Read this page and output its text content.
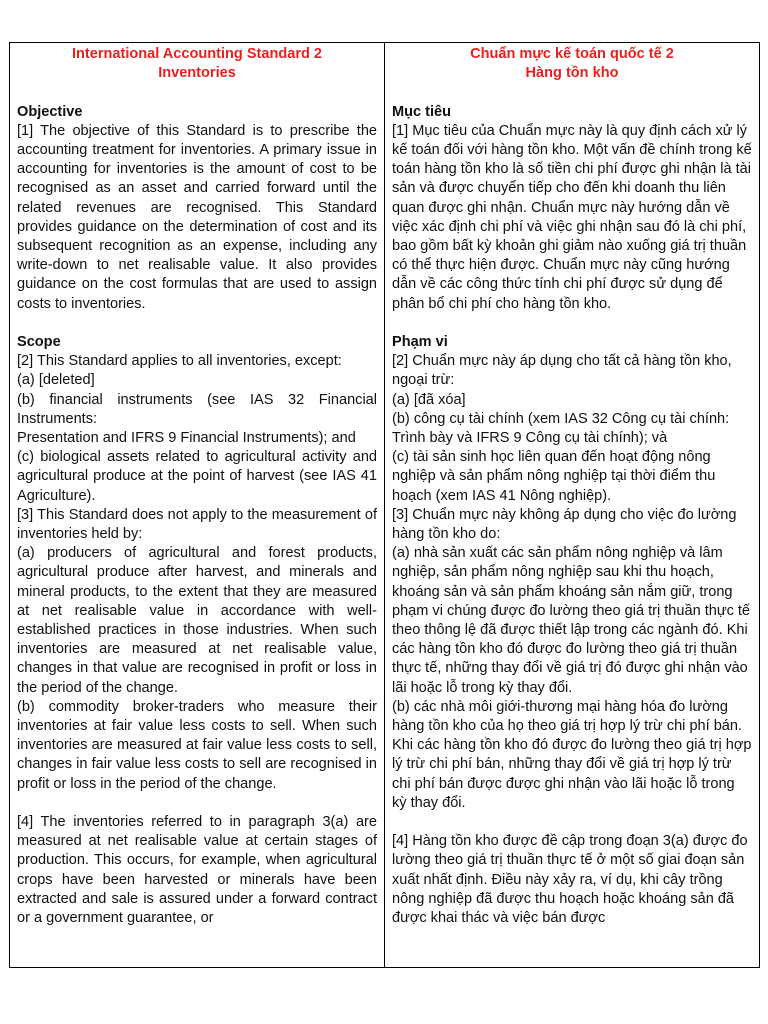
International Accounting Standard 2

Inventories

Objective

[1] The objective of this Standard is to prescribe the accounting treatment for inventories. A primary issue in accounting for inventories is the amount of cost to be recognised as an asset and carried forward until the related revenues are recognised. This Standard provides guidance on the determination of cost and its subsequent recognition as an expense, including any write-down to net realisable value. It also provides guidance on the cost formulas that are used to assign costs to inventories.

Scope

[2] This Standard applies to all inventories, except:

(a) [deleted]

(b) financial instruments (see IAS 32 Financial Instruments:

Presentation and IFRS 9 Financial Instruments); and

(c) biological assets related to agricultural activity and agricultural produce at the point of harvest (see IAS 41 Agriculture).

[3] This Standard does not apply to the measurement of inventories held by:

(a) producers of agricultural and forest products, agricultural produce after harvest, and minerals and mineral products, to the extent that they are measured at net realisable value in accordance with well-established practices in those industries. When such inventories are measured at net realisable value, changes in that value are recognised in profit or loss in the period of the change.

(b) commodity broker-traders who measure their inventories at fair value less costs to sell. When such inventories are measured at fair value less costs to sell, changes in fair value less costs to sell are recognised in profit or loss in the period of the change.

[4] The inventories referred to in paragraph 3(a) are measured at net realisable value at certain stages of production. This occurs, for example, when agricultural crops have been harvested or minerals have been extracted and sale is assured under a forward contract or a government guarantee, or

Chuẩn mực kế toán quốc tế 2

Hàng tồn kho

Mục tiêu

[1] Mục tiêu của Chuẩn mực này là quy định cách xử lý kế toán đối với hàng tồn kho. Một vấn đề chính trong kế toán hàng tồn kho là số tiền chi phí được ghi nhận là tài sản và được chuyển tiếp cho đến khi doanh thu liên quan được ghi nhận. Chuẩn mực này hướng dẫn về việc xác định chi phí và việc ghi nhận sau đó là chi phí, bao gồm bất kỳ khoản ghi giảm nào xuống giá trị thuần có thể thực hiện được. Chuẩn mực này cũng hướng dẫn về các công thức tính chi phí được sử dụng để phân bổ chi phí cho hàng tồn kho.

Phạm vi

[2] Chuẩn mực này áp dụng cho tất cả hàng tồn kho, ngoại trừ:

(a) [đã xóa]

(b) công cụ tài chính (xem IAS 32 Công cụ tài chính: Trình bày và IFRS 9 Công cụ tài chính); và

(c) tài sản sinh học liên quan đến hoạt động nông nghiệp và sản phẩm nông nghiệp tại thời điểm thu hoạch (xem IAS 41 Nông nghiệp).

[3] Chuẩn mực này không áp dụng cho việc đo lường hàng tồn kho do:

(a) nhà sản xuất các sản phẩm nông nghiệp và lâm nghiệp, sản phẩm nông nghiệp sau khi thu hoạch, khoáng sản và sản phẩm khoáng sản nắm giữ, trong phạm vi chúng được đo lường theo giá trị thuần thực tế theo thông lệ đã được thiết lập trong các ngành đó. Khi các hàng tồn kho đó được đo lường theo giá trị thuần thực tế, những thay đổi về giá trị đó được ghi nhận vào lãi hoặc lỗ trong kỳ thay đổi.

(b) các nhà môi giới-thương mại hàng hóa đo lường hàng tồn kho của họ theo giá trị hợp lý trừ chi phí bán. Khi các hàng tồn kho đó được đo lường theo giá trị hợp lý trừ chi phí bán, những thay đổi về giá trị hợp lý trừ chi phí bán được được ghi nhận vào lãi hoặc lỗ trong kỳ thay đổi.

[4] Hàng tồn kho được đề cập trong đoạn 3(a) được đo lường theo giá trị thuần thực tế ở một số giai đoạn sản xuất nhất định. Điều này xảy ra, ví dụ, khi cây trồng nông nghiệp đã được thu hoạch hoặc khoáng sản đã được khai thác và việc bán được
